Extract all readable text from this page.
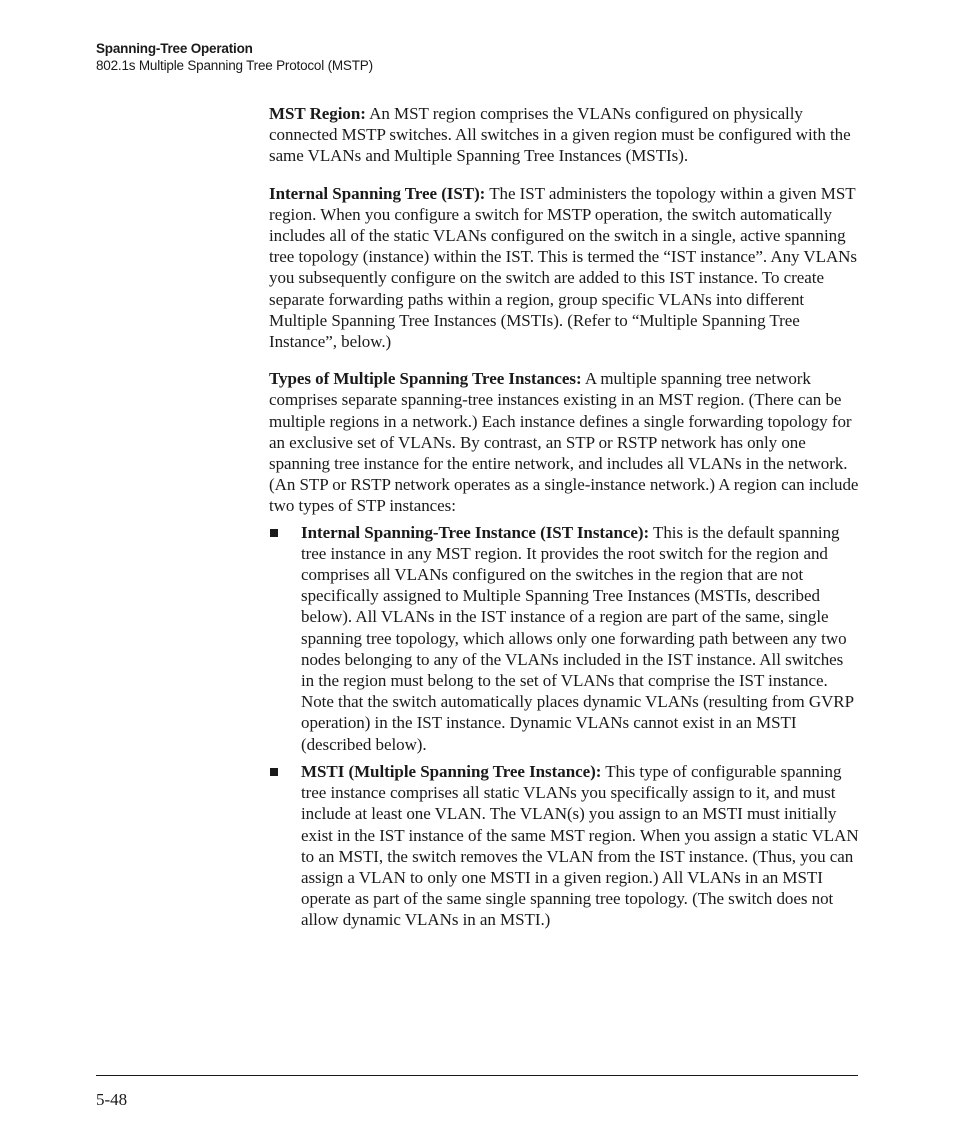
Spanning-Tree Operation
802.1s Multiple Spanning Tree Protocol (MSTP)

MST Region: An MST region comprises the VLANs configured on physically connected MSTP switches. All switches in a given region must be configured with the same VLANs and Multiple Spanning Tree Instances (MSTIs).

Internal Spanning Tree (IST): The IST administers the topology within a given MST region. When you configure a switch for MSTP operation, the switch automatically includes all of the static VLANs configured on the switch in a single, active spanning tree topology (instance) within the IST. This is termed the “IST instance”. Any VLANs you subsequently configure on the switch are added to this IST instance. To create separate forwarding paths within a region, group specific VLANs into different Multiple Spanning Tree Instances (MSTIs). (Refer to “Multiple Spanning Tree Instance”, below.)

Types of Multiple Spanning Tree Instances: A multiple spanning tree network comprises separate spanning-tree instances existing in an MST region. (There can be multiple regions in a network.) Each instance defines a single forwarding topology for an exclusive set of VLANs. By contrast, an STP or RSTP network has only one spanning tree instance for the entire network, and includes all VLANs in the network. (An STP or RSTP network operates as a single-instance network.) A region can include two types of STP instances:

Internal Spanning-Tree Instance (IST Instance): This is the default spanning tree instance in any MST region. It provides the root switch for the region and comprises all VLANs configured on the switches in the region that are not specifically assigned to Multiple Spanning Tree Instances (MSTIs, described below). All VLANs in the IST instance of a region are part of the same, single spanning tree topology, which allows only one forwarding path between any two nodes belonging to any of the VLANs included in the IST instance. All switches in the region must belong to the set of VLANs that comprise the IST instance. Note that the switch automatically places dynamic VLANs (resulting from GVRP operation) in the IST instance. Dynamic VLANs cannot exist in an MSTI (described below).
MSTI (Multiple Spanning Tree Instance): This type of configurable spanning tree instance comprises all static VLANs you specifically assign to it, and must include at least one VLAN. The VLAN(s) you assign to an MSTI must initially exist in the IST instance of the same MST region. When you assign a static VLAN to an MSTI, the switch removes the VLAN from the IST instance. (Thus, you can assign a VLAN to only one MSTI in a given region.) All VLANs in an MSTI operate as part of the same single spanning tree topology. (The switch does not allow dynamic VLANs in an MSTI.)
5-48
